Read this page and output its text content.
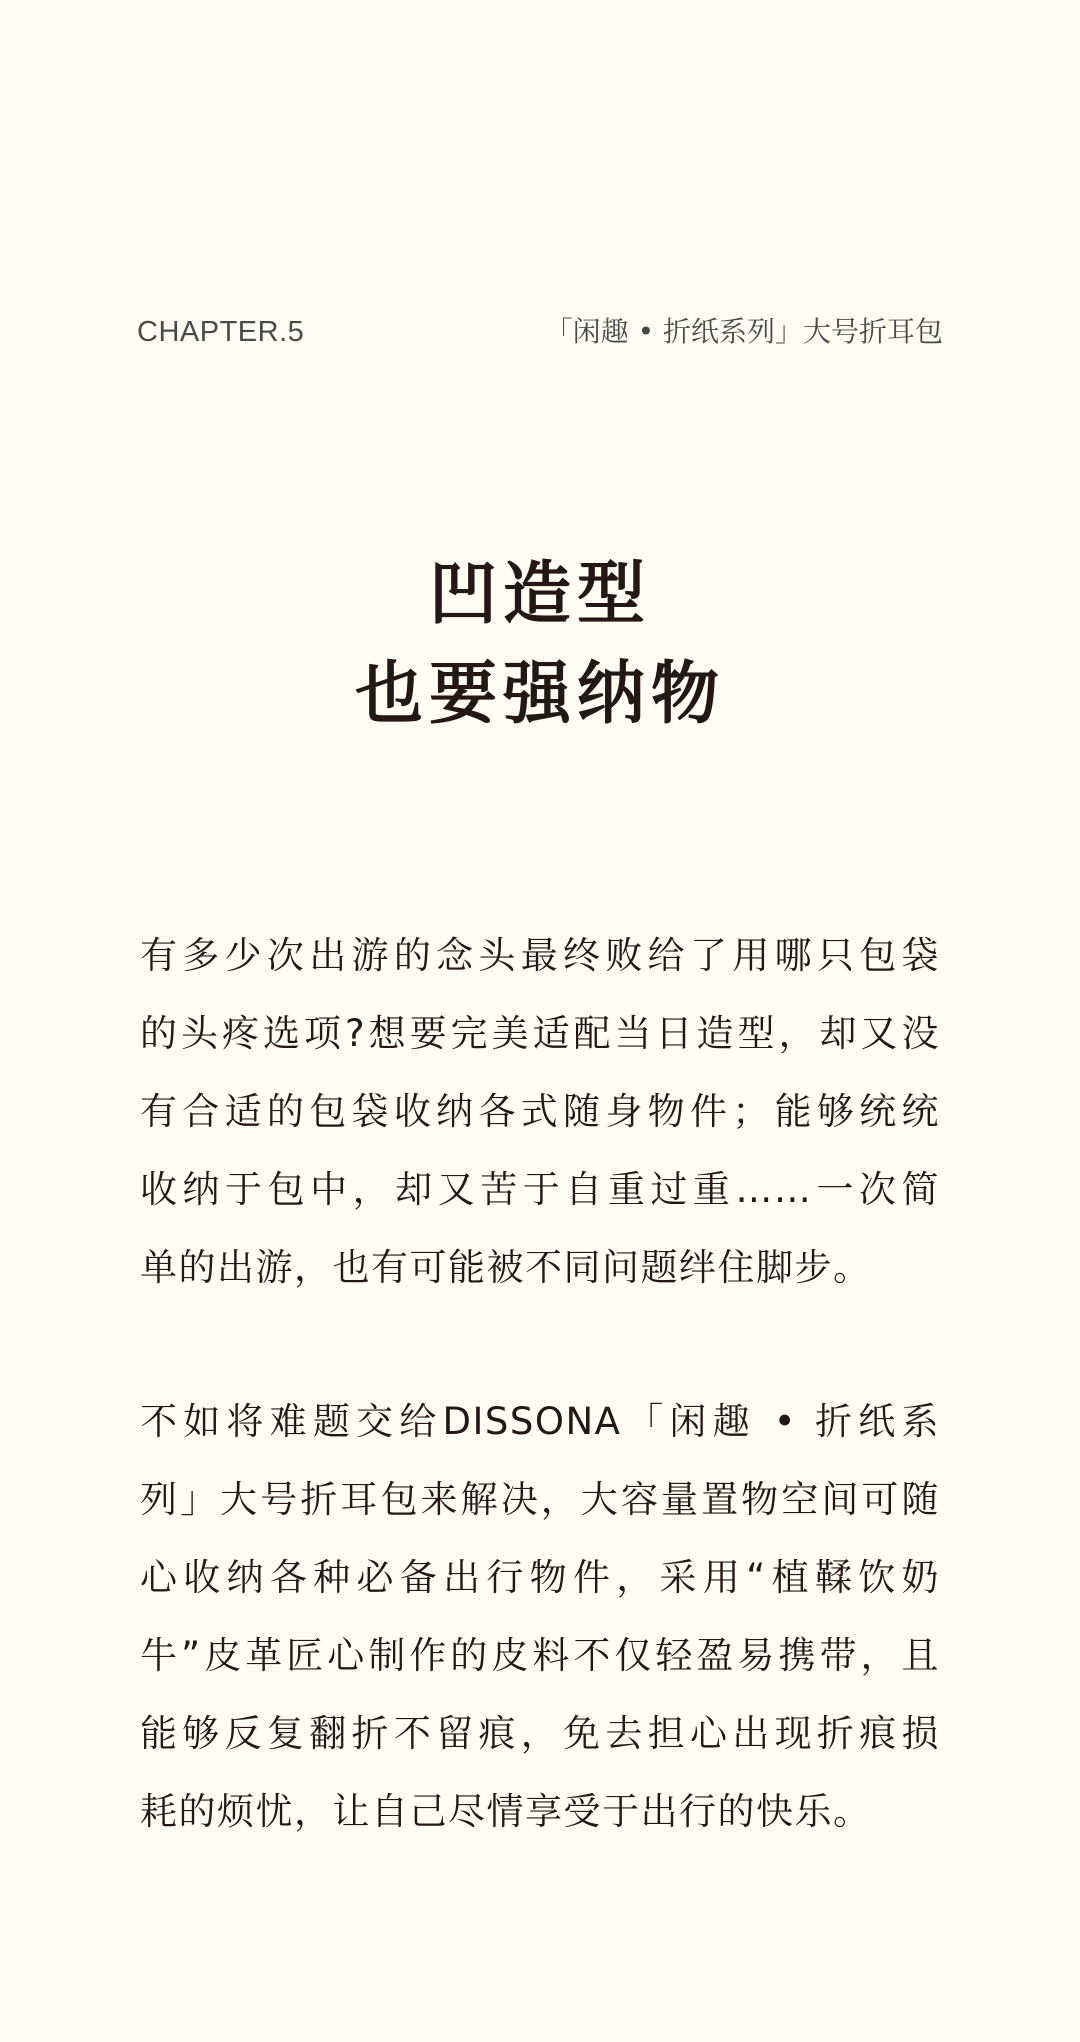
CHAPTER.5	「闲趣 • 折纸系列」大号折耳包
凹造型
也要强纳物

有多少次出游的念头最终败给了用哪只包袋
的头疼选项?想要完美适配当日造型，却又没
有合适的包袋收纳各式随身物件；能够统统
收纳于包中，却又苦于自重过重……一次简
单的出游，也有可能被不同问题绊住脚步。

不如将难题交给DISSONA「闲趣 • 折纸系
列」大号折耳包来解决，大容量置物空间可随
心收纳各种必备出行物件，采用“植鞣饮奶
牛”皮革匠心制作的皮料不仅轻盈易携带，且
能够反复翻折不留痕，免去担心出现折痕损
耗的烦忧，让自己尽情享受于出行的快乐。
